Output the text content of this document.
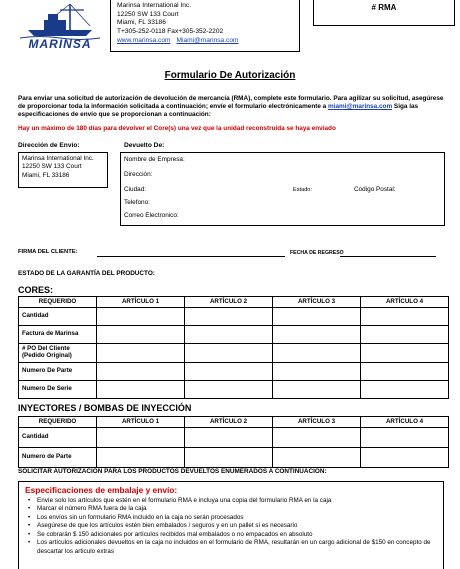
MARINSA
Marinsa International Inc.
12250 SW 133 Court
Miami, FL 33186
T+305-252-0118 Fax+305-352-2202
www.marinsa.com Miami@marinsa.com
# RMA
Formulario De Autorización
Para enviar una solicitud de autorización de devolución de mercancía (RMA), complete este formulario. Para agilizar su solicitud, asegúrese de proporcionar toda la información solicitada a continuación; envíe el formulario electrónicamente a miami@marinsa.com Siga las especificaciones de envío que se proporcionan a continuación:
Hay un máximo de 180 días para devolver el Core(s) una vez que la unidad reconstruida se haya enviado
Dirección de Envío:	Devuelto De:
Marinsa International Inc.
12250 SW 133 Court
Miami, FL 33186
Nombre de Empresa:
Dirección:
Ciudad:	Estado:	Codigo Postal:
Telefono:
Correo Electronico:
FIRMA DEL CLIENTE:	FECHA DE REGRESO
ESTADO DE LA GARANTÍA DEL PRODUCTO:
CORES:
REQUERIDO	ARTÍCULO 1	ARTÍCULO 2	ARTÍCULO 3	ARTÍCULO 4
Cantidad				
Factura de Marinsa				
# PO Del Cliente (Pedido Original)				
Numero De Parte				
Numero De Serie				
INYECTORES / BOMBAS DE INYECCIÓN
REQUERIDO	ARTÍCULO 1	ARTÍCULO 2	ARTÍCULO 3	ARTÍCULO 4
Cantidad				
Numero de Parte				
SOLICITAR AUTORIZACIÓN PARA LOS PRODUCTOS DEVUELTOS ENUMERADOS A CONTINUACION:
Especificaciones de embalaje y envío:
• Envíe solo los artículos que estén en el formulario RMA e incluya una copia del formulario RMA en la caja
• Marcar el número RMA fuera de la caja
• Los envíos sin un formulario RMA incluido en la caja no serán procesados
• Asegúrese de que los artículos estén bien embalados / seguros y en un pallet si es necesario
• Se cobrarán $ 150 adicionales por artículos recibidos mal embalados o no empacados en absoluto
• Los artículos adicionales devueltos en la caja no incluidos en el formulario de RMA, resultarán en un cargo adicional de $150 en concepto de descartar los articulo extras
